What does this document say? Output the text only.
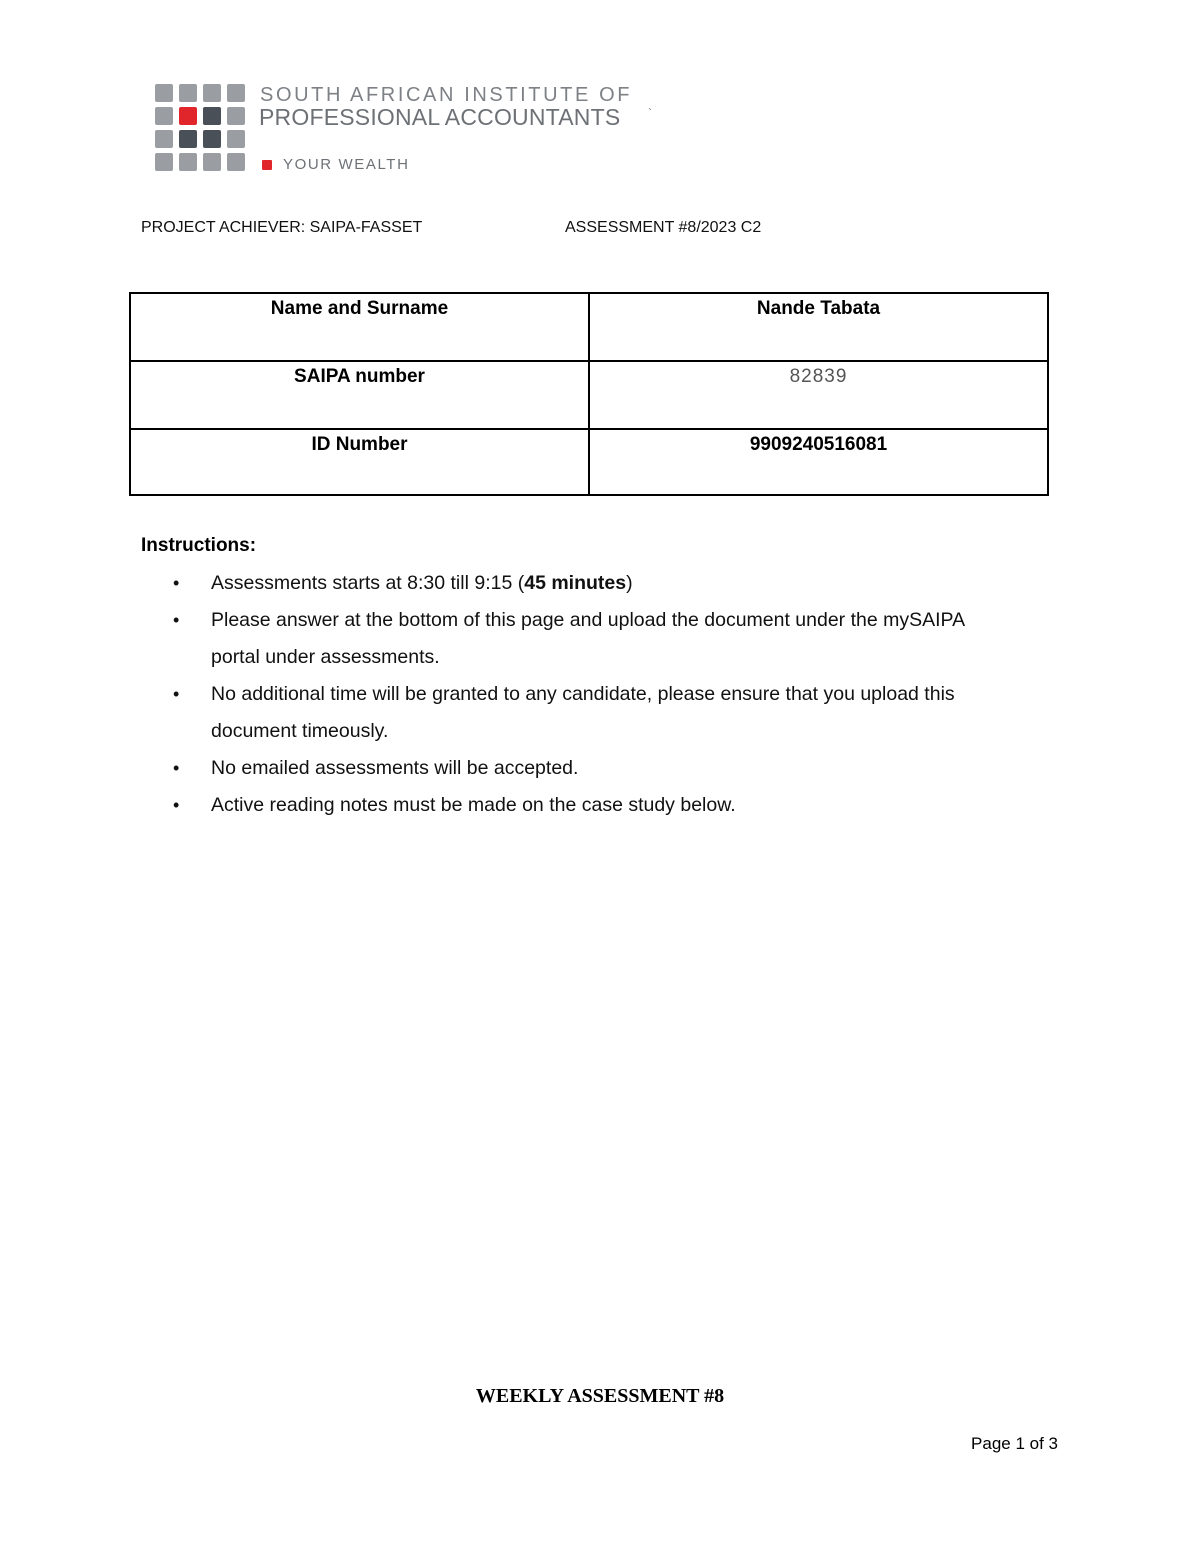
SOUTH AFRICAN INSTITUTE OF
PROFESSIONAL ACCOUNTANTS `
YOUR WEALTH
PROJECT ACHIEVER: SAIPA-FASSET	ASSESSMENT #8/2023 C2
Name and Surname	Nande Tabata
SAIPA number	82839
ID Number	9909240516081
Instructions:
• Assessments starts at 8:30 till 9:15 (45 minutes)
• Please answer at the bottom of this page and upload the document under the mySAIPA
portal under assessments.
• No additional time will be granted to any candidate, please ensure that you upload this
document timeously.
• No emailed assessments will be accepted.
• Active reading notes must be made on the case study below.
WEEKLY ASSESSMENT #8
Page 1 of 3
